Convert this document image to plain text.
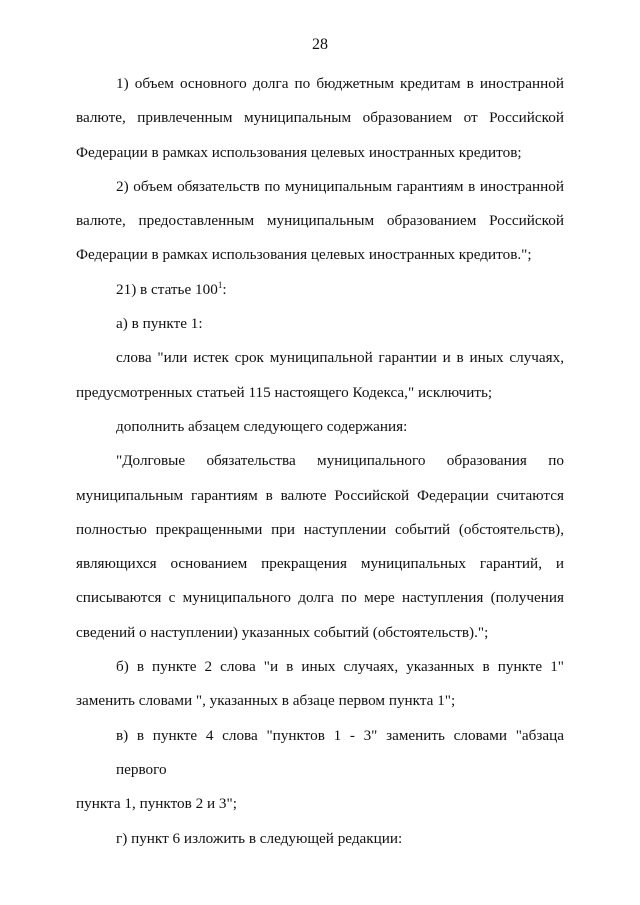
28
1) объем основного долга по бюджетным кредитам в иностранной
валюте, привлеченным муниципальным образованием от Российской
Федерации в рамках использования целевых иностранных кредитов;
2) объем обязательств по муниципальным гарантиям в иностранной
валюте, предоставленным муниципальным образованием Российской
Федерации в рамках использования целевых иностранных кредитов.";
21) в статье $100^1$:
а) в пункте 1:
слова "или истек срок муниципальной гарантии и в иных случаях,
предусмотренных статьей 115 настоящего Кодекса," исключить;
дополнить абзацем следующего содержания:
"Долговые обязательства муниципального образования по
муниципальным гарантиям в валюте Российской Федерации считаются
полностью прекращенными при наступлении событий (обстоятельств),
являющихся основанием прекращения муниципальных гарантий, и
списываются с муниципального долга по мере наступления (получения
сведений о наступлении) указанных событий (обстоятельств).";
б) в пункте 2 слова "и в иных случаях, указанных в пункте 1"
заменить словами ", указанных в абзаце первом пункта 1";
в) в пункте 4 слова "пунктов 1 - 3" заменить словами "абзаца первого
пункта 1, пунктов 2 и 3";
г) пункт 6 изложить в следующей редакции:
